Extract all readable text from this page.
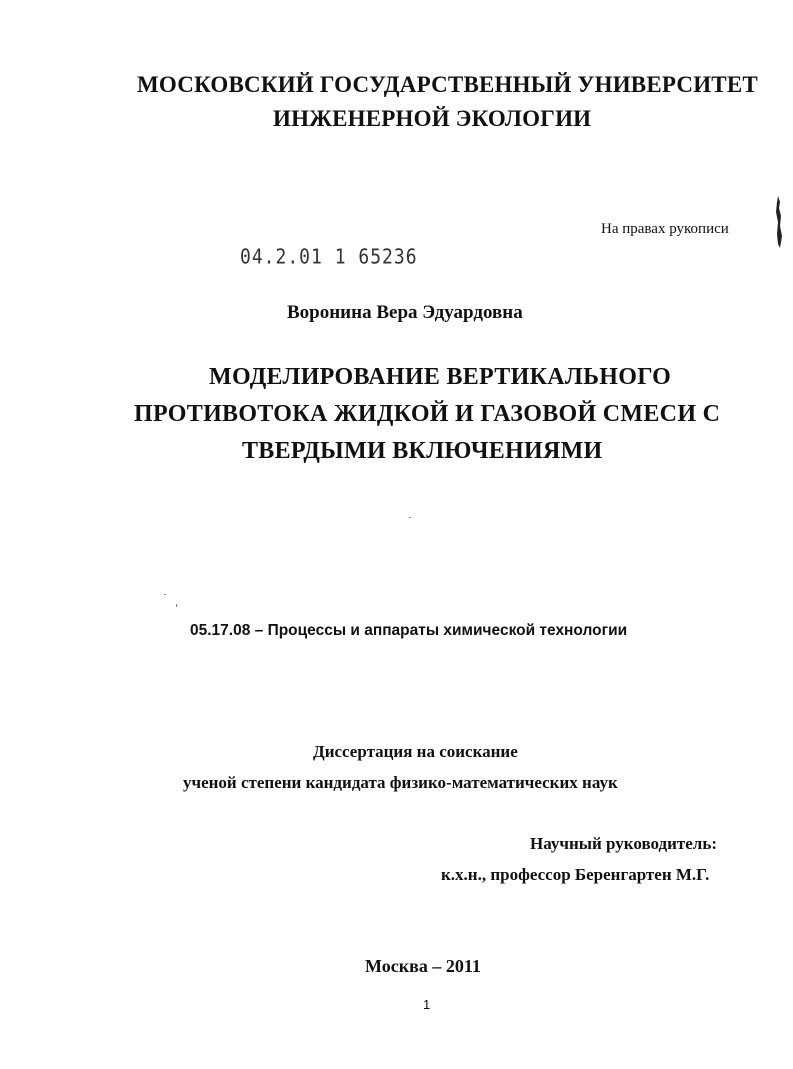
МОСКОВСКИЙ ГОСУДАРСТВЕННЫЙ УНИВЕРСИТЕТ
ИНЖЕНЕРНОЙ ЭКОЛОГИИ
На правах рукописи
04.2.01 1 65236
Воронина Вера Эдуардовна
МОДЕЛИРОВАНИЕ ВЕРТИКАЛЬНОГО
ПРОТИВОТОКА ЖИДКОЙ И ГАЗОВОЙ СМЕСИ С
ТВЕРДЫМИ ВКЛЮЧЕНИЯМИ
05.17.08 – Процессы и аппараты химической технологии
Диссертация на соискание
ученой степени кандидата физико-математических наук
Научный руководитель:
к.х.н., профессор Беренгартен М.Г.
Москва – 2011
1
